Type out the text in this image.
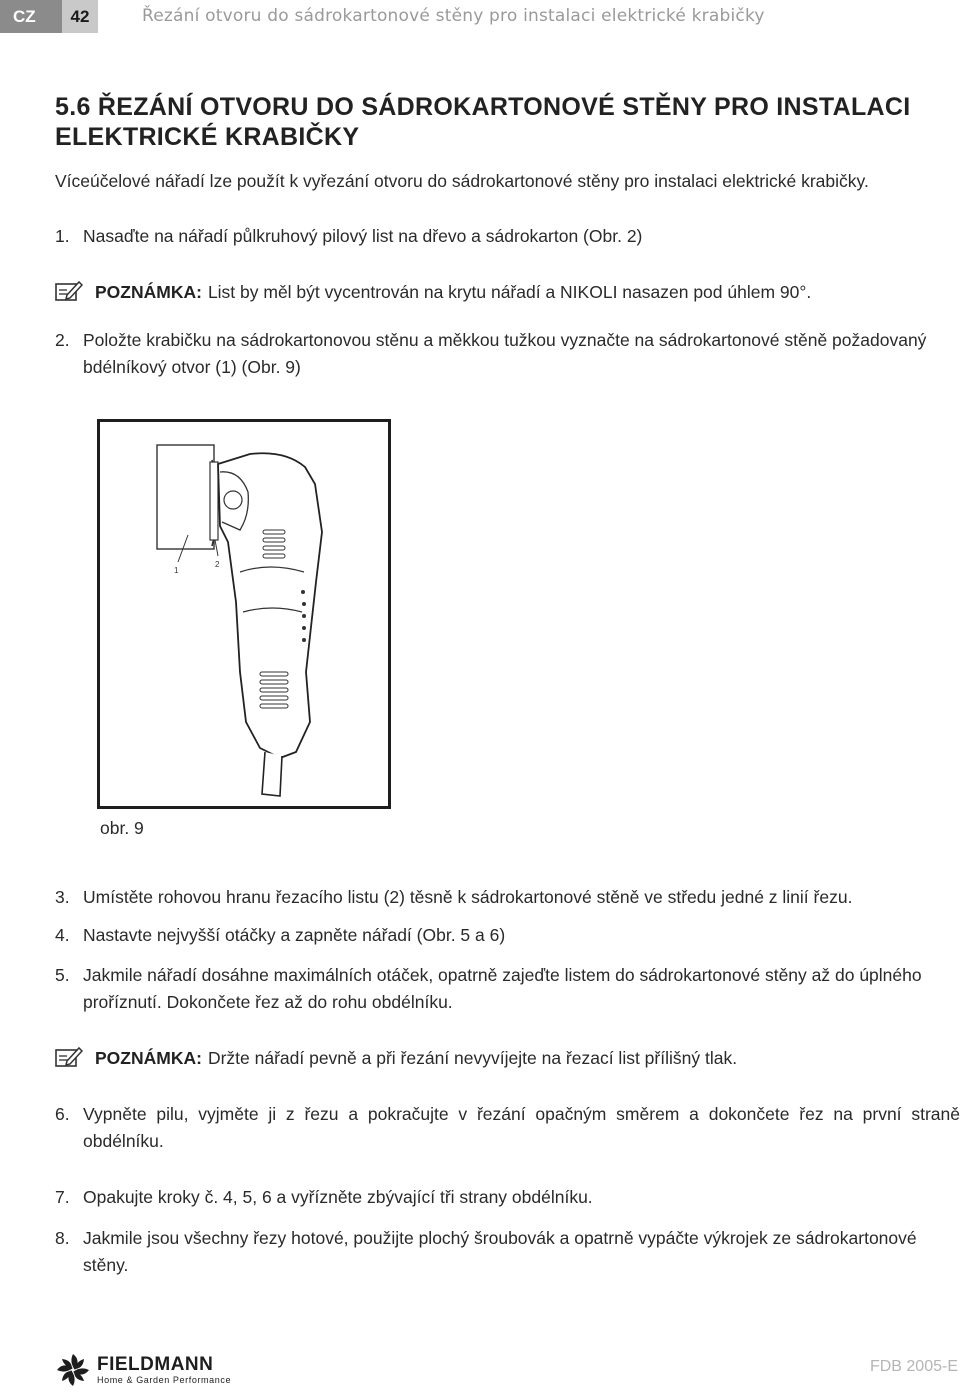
CZ	42	Řezání otvoru do sádrokartonové stěny pro instalaci elektrické krabičky
5.6 ŘEZÁNÍ OTVORU DO SÁDROKARTONOVÉ STĚNY PRO INSTALACI ELEKTRICKÉ KRABIČKY
Víceúčelové nářadí lze použít k vyřezání otvoru do sádrokartonové stěny pro instalaci elektrické krabičky.
1. Nasaďte na nářadí půlkruhový pilový list na dřevo a sádrokarton (Obr. 2)
POZNÁMKA: List by měl být vycentrován na krytu nářadí a NIKOLI nasazen pod úhlem 90°.
2. Položte krabičku na sádrokartonovou stěnu a měkkou tužkou vyznačte na sádrokartonové stěně požadovaný bdélníkový otvor (1) (Obr. 9)
1
2
obr. 9
3. Umístěte rohovou hranu řezacího listu (2) těsně k sádrokartonové stěně ve středu jedné z linií řezu.
4. Nastavte nejvyšší otáčky a zapněte nářadí (Obr. 5 a 6)
5. Jakmile nářadí dosáhne maximálních otáček, opatrně zajeďte listem do sádrokartonové stěny až do úplného proříznutí. Dokončete řez až do rohu obdélníku.
POZNÁMKA: Držte nářadí pevně a při řezání nevyvíjejte na řezací list přílišný tlak.
6. Vypněte pilu, vyjměte ji z řezu a pokračujte v řezání opačným směrem a dokončete řez na první straně obdélníku.
7. Opakujte kroky č. 4, 5, 6 a vyřízněte zbývající tři strany obdélníku.
8. Jakmile jsou všechny řezy hotové, použijte plochý šroubovák a opatrně vypáčte výkrojek ze sádrokartonové stěny.
FIELDMANN
Home & Garden Performance
FDB 2005-E
